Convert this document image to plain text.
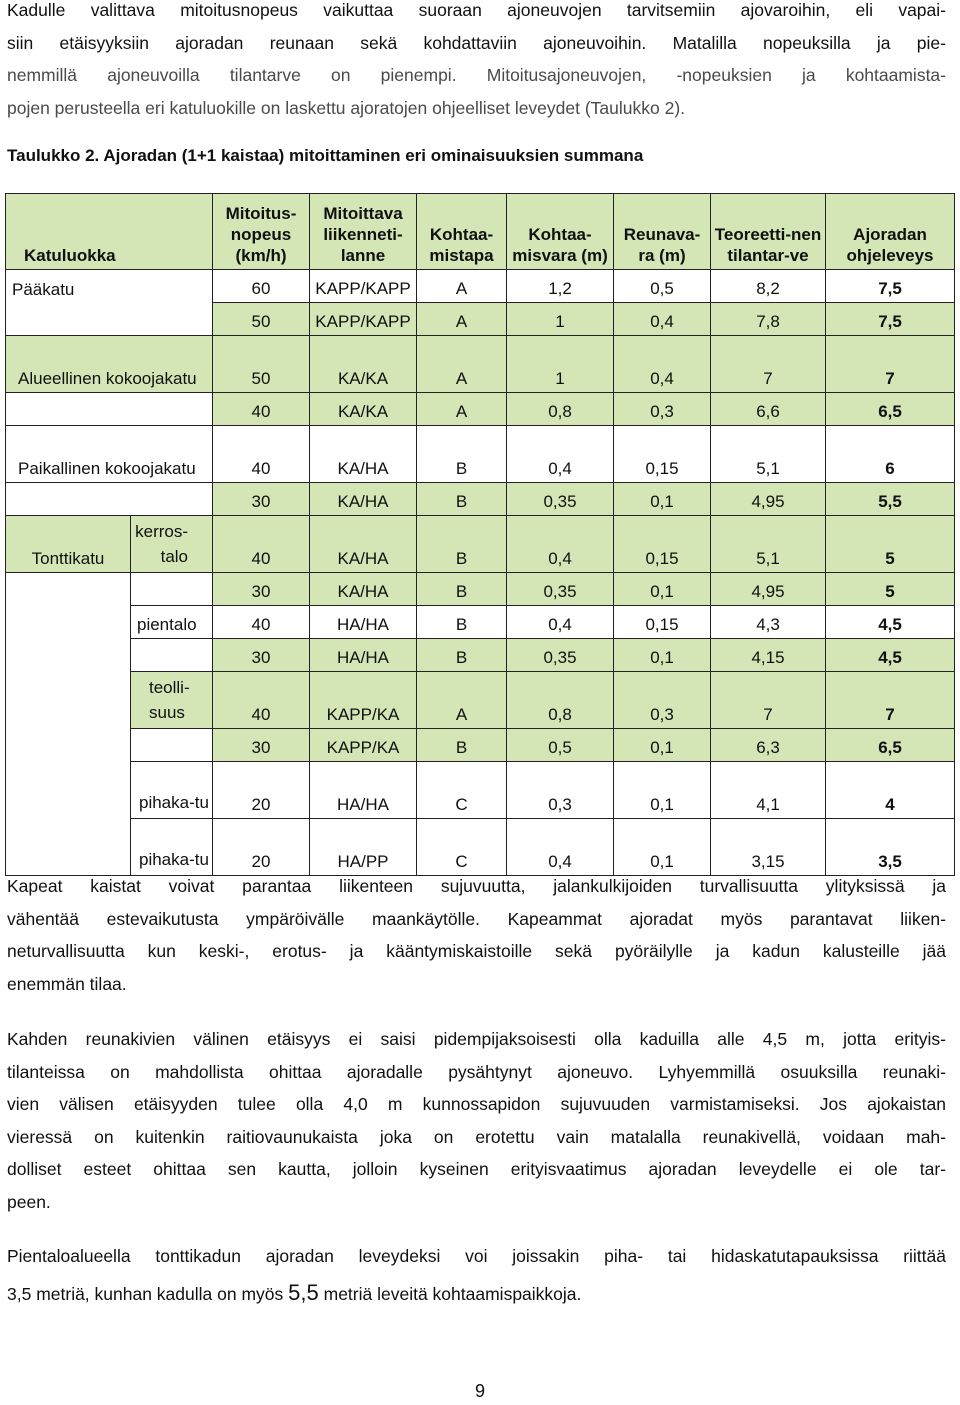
Kadulle valittava mitoitusnopeus vaikuttaa suoraan ajoneuvojen tarvitsemiin ajovaroihin, eli vapai-
siin etäisyyksiin ajoradan reunaan sekä kohdattaviin ajoneuvoihin. Matalilla nopeuksilla ja pie-
nemmillä ajoneuvoilla tilantarve on pienempi. Mitoitusajoneuvojen, -nopeuksien ja kohtaamista-
pojen perusteella eri katuluokille on laskettu ajoratojen ohjeelliset leveydet (Taulukko 2).

Taulukko 2. Ajoradan (1+1 kaistaa) mitoittaminen eri ominaisuuksien summana

Katuluokka		Mitoitus-nopeus (km/h)	Mitoittava liikenneti-lanne	Kohtaa-mistapa	Kohtaa-misvara (m)	Reunava-ra (m)	Teoreetti-nen tilantar-ve	Ajoradan ohjeleveys
Pääkatu		60	KAPP/KAPP	A	1,2	0,5	8,2	7,5
		50	KAPP/KAPP	A	1	0,4	7,8	7,5
Alueellinen kokoojakatu		50	KA/KA	A	1	0,4	7	7
		40	KA/KA	A	0,8	0,3	6,6	6,5
Paikallinen kokoojakatu		40	KA/HA	B	0,4	0,15	5,1	6
		30	KA/HA	B	0,35	0,1	4,95	5,5
Tonttikatu	kerros-talo	40	KA/HA	B	0,4	0,15	5,1	5
		30	KA/HA	B	0,35	0,1	4,95	5
	pientalo	40	HA/HA	B	0,4	0,15	4,3	4,5
		30	HA/HA	B	0,35	0,1	4,15	4,5
	teolli-suus	40	KAPP/KA	A	0,8	0,3	7	7
		30	KAPP/KA	B	0,5	0,1	6,3	6,5
	pihaka-tu	20	HA/HA	C	0,3	0,1	4,1	4
	pihaka-tu	20	HA/PP	C	0,4	0,1	3,15	3,5
Kapeat kaistat voivat parantaa liikenteen sujuvuutta, jalankulkijoiden turvallisuutta ylityksissä ja
vähentää estevaikutusta ympäröivälle maankäytölle. Kapeammat ajoradat myös parantavat liiken-
neturvallisuutta kun keski-, erotus- ja kääntymiskaistoille sekä pyöräilylle ja kadun kalusteille jää
enemmän tilaa.
Kahden reunakivien välinen etäisyys ei saisi pidempijaksoisesti olla kaduilla alle 4,5 m, jotta erityis-
tilanteissa on mahdollista ohittaa ajoradalle pysähtynyt ajoneuvo. Lyhyemmillä osuuksilla reunaki-
vien välisen etäisyyden tulee olla 4,0 m kunnossapidon sujuvuuden varmistamiseksi. Jos ajokaistan
vieressä on kuitenkin raitiovaunukaista joka on erotettu vain matalalla reunakivellä, voidaan mah-
dolliset esteet ohittaa sen kautta, jolloin kyseinen erityisvaatimus ajoradan leveydelle ei ole tar-
peen.
Pientaloalueella tonttikadun ajoradan leveydeksi voi joissakin piha- tai hidaskatutapauksissa riittää
3,5 metriä, kunhan kadulla on myös 5,5 metriä leveitä kohtaamispaikkoja.
9
